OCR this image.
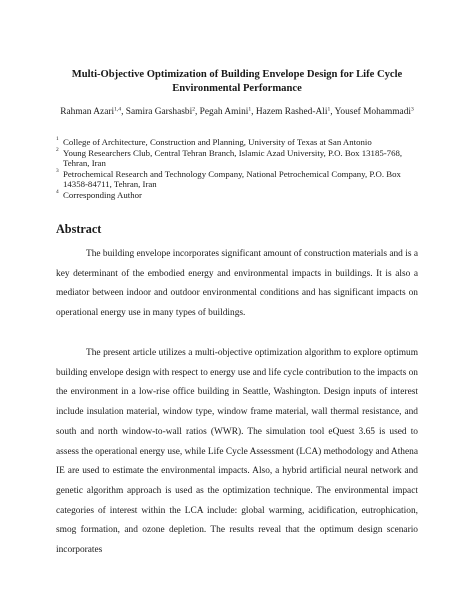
Multi-Objective Optimization of Building Envelope Design for Life Cycle
Environmental Performance
Rahman Azari$^{1,4}$, Samira Garshasbi$^2$, Pegah Amini$^1$, Hazem Rashed-Ali$^1$, Yousef Mohammadi$^3$
1 College of Architecture, Construction and Planning, University of Texas at San Antonio
2 Young Researchers Club, Central Tehran Branch, Islamic Azad University, P.O. Box 13185-768, Tehran, Iran
3 Petrochemical Research and Technology Company, National Petrochemical Company, P.O. Box 14358-84711, Tehran, Iran
4 Corresponding Author
Abstract

The building envelope incorporates significant amount of construction materials and is a key determinant of the embodied energy and environmental impacts in buildings. It is also a mediator between indoor and outdoor environmental conditions and has significant impacts on operational energy use in many types of buildings.

The present article utilizes a multi-objective optimization algorithm to explore optimum building envelope design with respect to energy use and life cycle contribution to the impacts on the environment in a low-rise office building in Seattle, Washington. Design inputs of interest include insulation material, window type, window frame material, wall thermal resistance, and south and north window-to-wall ratios (WWR). The simulation tool eQuest 3.65 is used to assess the operational energy use, while Life Cycle Assessment (LCA) methodology and Athena IE are used to estimate the environmental impacts. Also, a hybrid artificial neural network and genetic algorithm approach is used as the optimization technique. The environmental impact categories of interest within the LCA include: global warming, acidification, eutrophication, smog formation, and ozone depletion. The results reveal that the optimum design scenario incorporates
